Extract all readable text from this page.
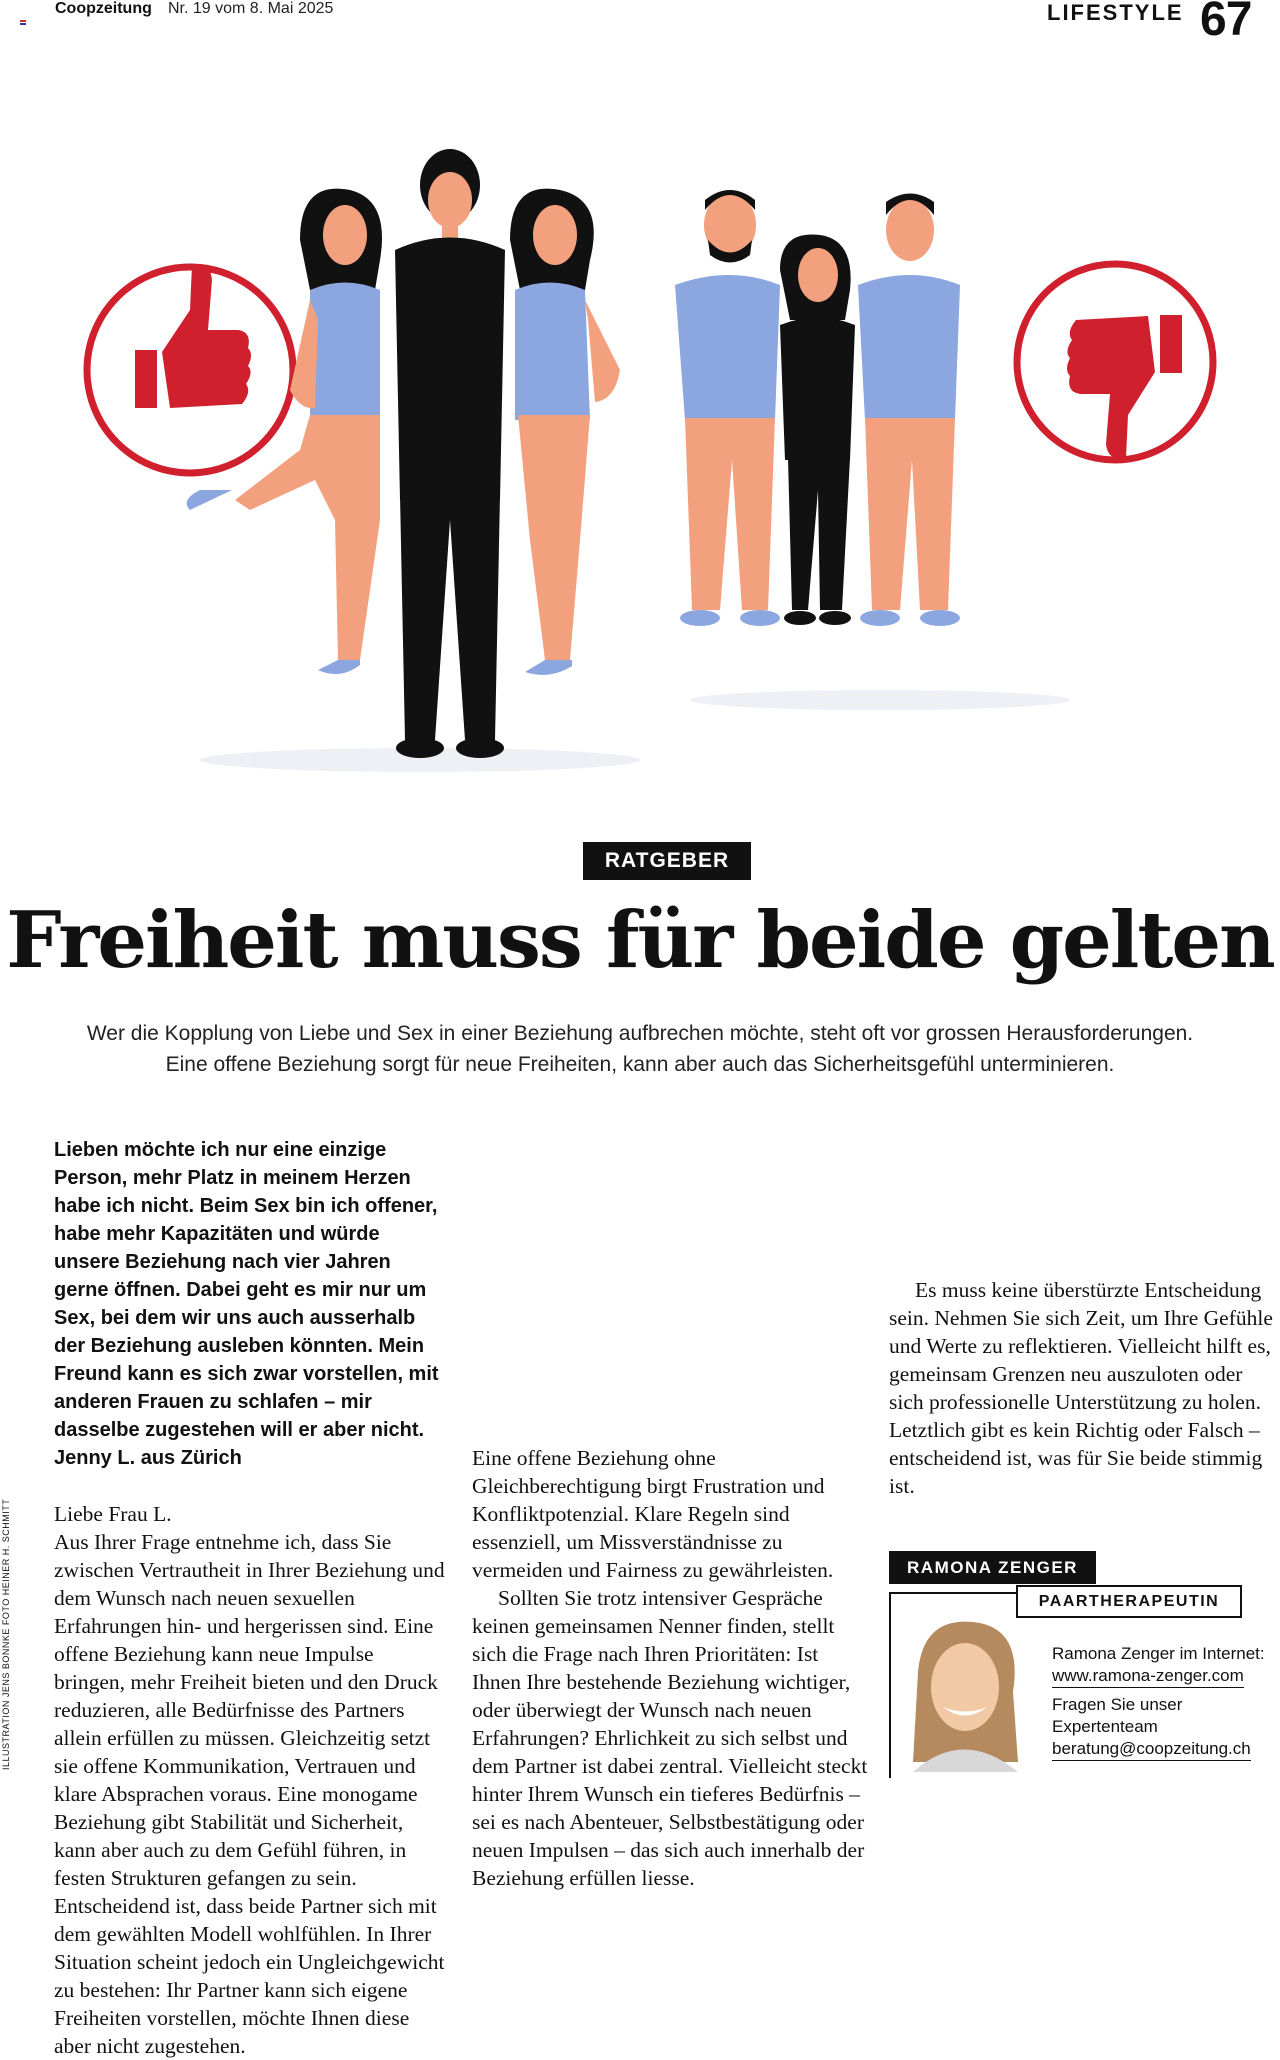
Coopzeitung Nr. 19 vom 8. Mai 2025	LIFESTYLE 67
RATGEBER
Freiheit muss für beide gelten
Wer die Kopplung von Liebe und Sex in einer Beziehung aufbrechen möchte, steht oft vor grossen Herausforderungen.
Eine offene Beziehung sorgt für neue Freiheiten, kann aber auch das Sicherheitsgefühl unterminieren.

Lieben möchte ich nur eine einzige Person, mehr Platz in meinem Herzen habe ich nicht. Beim Sex bin ich offener, habe mehr Kapazitäten und würde unsere Beziehung nach vier Jahren gerne öffnen. Dabei geht es mir nur um Sex, bei dem wir uns auch ausserhalb der Beziehung ausleben könnten. Mein Freund kann es sich zwar vorstellen, mit anderen Frauen zu schlafen – mir dasselbe zugestehen will er aber nicht.

Jenny L. aus Zürich

Liebe Frau L.

Aus Ihrer Frage entnehme ich, dass Sie zwischen Vertrautheit in Ihrer Beziehung und dem Wunsch nach neuen sexuellen Erfahrungen hin- und hergerissen sind. Eine offene Beziehung kann neue Impulse bringen, mehr Freiheit bieten und den Druck reduzieren, alle Bedürfnisse des Partners allein erfüllen zu müssen. Gleichzeitig setzt sie offene Kommunikation, Vertrauen und klare Absprachen voraus. Eine monogame Beziehung gibt Stabilität und Sicherheit, kann aber auch zu dem Gefühl führen, in festen Strukturen gefangen zu sein. Entscheidend ist, dass beide Partner sich mit dem gewählten Modell wohlfühlen. In Ihrer Situation scheint jedoch ein Ungleichgewicht zu bestehen: Ihr Partner kann sich eigene Freiheiten vorstellen, möchte Ihnen diese aber nicht zugestehen.

Eine offene Beziehung ohne Gleichberechtigung birgt Frustration und Konfliktpotenzial. Klare Regeln sind essenziell, um Missverständnisse zu vermeiden und Fairness zu gewährleisten.

Sollten Sie trotz intensiver Gespräche keinen gemeinsamen Nenner finden, stellt sich die Frage nach Ihren Prioritäten: Ist Ihnen Ihre bestehende Beziehung wichtiger, oder überwiegt der Wunsch nach neuen Erfahrungen? Ehrlichkeit zu sich selbst und dem Partner ist dabei zentral. Vielleicht steckt hinter Ihrem Wunsch ein tieferes Bedürfnis – sei es nach Abenteuer, Selbstbestätigung oder neuen Impulsen – das sich auch innerhalb der Beziehung erfüllen liesse.

Es muss keine überstürzte Entscheidung sein. Nehmen Sie sich Zeit, um Ihre Gefühle und Werte zu reflektieren. Vielleicht hilft es, gemeinsam Grenzen neu auszuloten oder sich professionelle Unterstützung zu holen. Letztlich gibt es kein Richtig oder Falsch – entscheidend ist, was für Sie beide stimmig ist.

ILLUSTRATION JENS BONNKE FOTO HEINER H. SCHMITT	RAMONA ZENGER
PAARTHERAPEUTIN
Ramona Zenger im Internet:
www.ramona-zenger.com
Fragen Sie unser
Expertenteam
beratung@coopzeitung.ch
